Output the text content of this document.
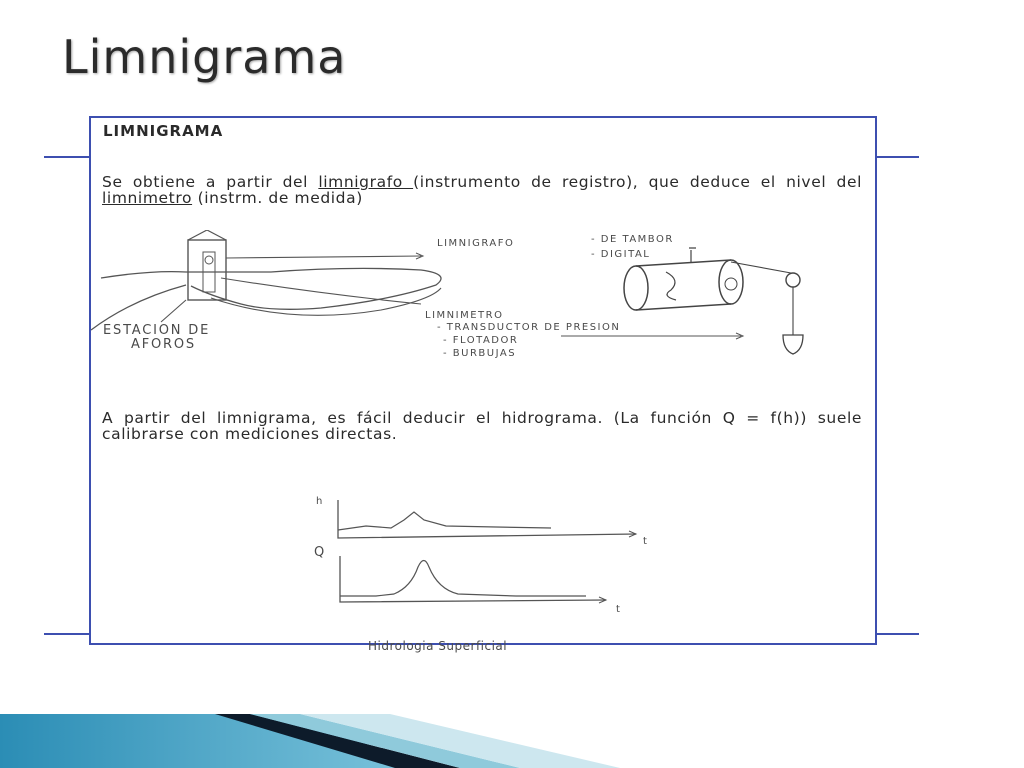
Limnigrama
LIMNIGRAMA
Se obtiene a partir del limnigrafo (instrumento de registro), que deduce el nivel del limnimetro (instrm. de medida)
LIMNIGRAFO	- DE TAMBOR
- DIGITAL
LIMNIMETRO
- TRANSDUCTOR DE PRESION
- FLOTADOR
- BURBUJAS
ESTACION DE
AFOROS
A partir del limnigrama, es fácil deducir el hidrograma. (La función Q = f(h)) suele calibrarse con mediciones directas.
h
t
Q
t
Hidrologia Superficial
